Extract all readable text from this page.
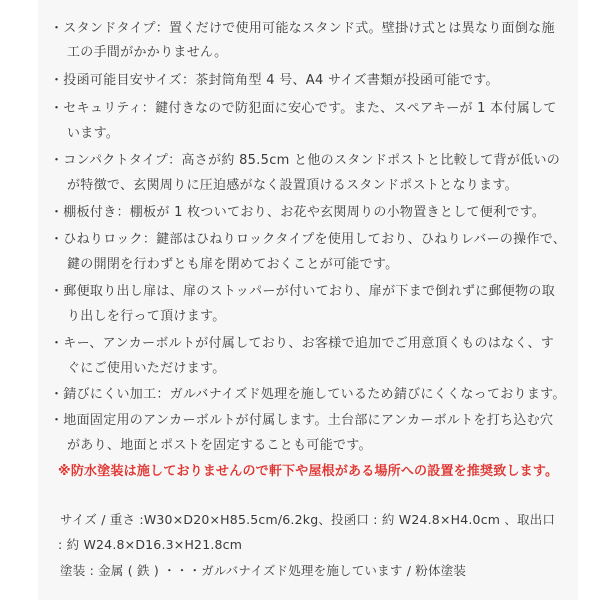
・スタンドタイプ：置くだけで使用可能なスタンド式。壁掛け式とは異なり面倒な施
工の手間がかかりません。
・投函可能目安サイズ：茶封筒角型 4 号、A4 サイズ書類が投函可能です。
・セキュリティ：鍵付きなので防犯面に安心です。また、スペアキーが 1 本付属して
います。
・コンパクトタイプ：高さが約 85.5cm と他のスタンドポストと比較して背が低いの
が特徴で、玄関周りに圧迫感がなく設置頂けるスタンドポストとなります。
・棚板付き：棚板が 1 枚ついており、お花や玄関周りの小物置きとして便利です。
・ひねりロック：鍵部はひねりロックタイプを使用しており、ひねりレバーの操作で、
鍵の開閉を行わずとも扉を閉めておくことが可能です。
・郵便取り出し扉は、扉のストッパーが付いており、扉が下まで倒れずに郵便物の取
り出しを行って頂けます。
・キー、アンカーボルトが付属しており、お客様で追加でご用意頂くものはなく、す
ぐにご使用いただけます。
・錆びにくい加工：ガルバナイズド処理を施しているため錆びにくくなっております。
・地面固定用のアンカーボルトが付属します。土台部にアンカーボルトを打ち込む穴
があり、地面とポストを固定することも可能です。
※防水塗装は施しておりませんので軒下や屋根がある場所への設置を推奨致します。
サイズ / 重さ :W30×D20×H85.5cm/6.2kg、投函口 : 約 W24.8×H4.0cm 、取出口
: 約 W24.8×D16.3×H21.8cm
塗装 : 金属 ( 鉄 ) ・・・ガルバナイズド処理を施しています / 粉体塗装
